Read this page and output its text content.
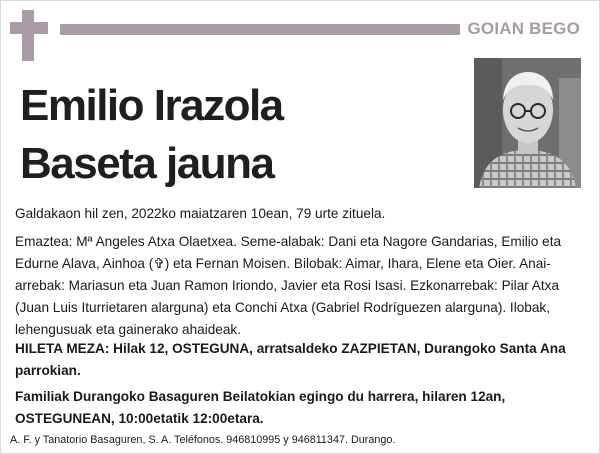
GOIAN BEGO
Emilio Irazola
Baseta jauna
Galdakaon hil zen, 2022ko maiatzaren 10ean, 79 urte zituela.
Emaztea: Mª Angeles Atxa Olaetxea. Seme-alabak: Dani eta Nagore Gandarias, Emilio eta Edurne Alava, Ainhoa (✞) eta Fernan Moisen. Bilobak: Aimar, Ihara, Elene eta Oier. Anai-arrebak: Mariasun eta Juan Ramon Iriondo, Javier eta Rosi Isasi. Ezkonarrebak: Pilar Atxa (Juan Luis Iturrietaren alarguna) eta Conchi Atxa (Gabriel Rodríguezen alarguna). Ilobak, lehengusuak eta gainerako ahaideak.
HILETA MEZA: Hilak 12, OSTEGUNA, arratsaldeko ZAZPIETAN, Durangoko Santa Ana parrokian.
Familiak Durangoko Basaguren Beilatokian egingo du harrera, hilaren 12an, OSTEGUNEAN, 10:00etatik 12:00etara.
A. F. y Tanatorio Basaguren, S. A. Teléfonos. 946810995 y 946811347. Durango.
